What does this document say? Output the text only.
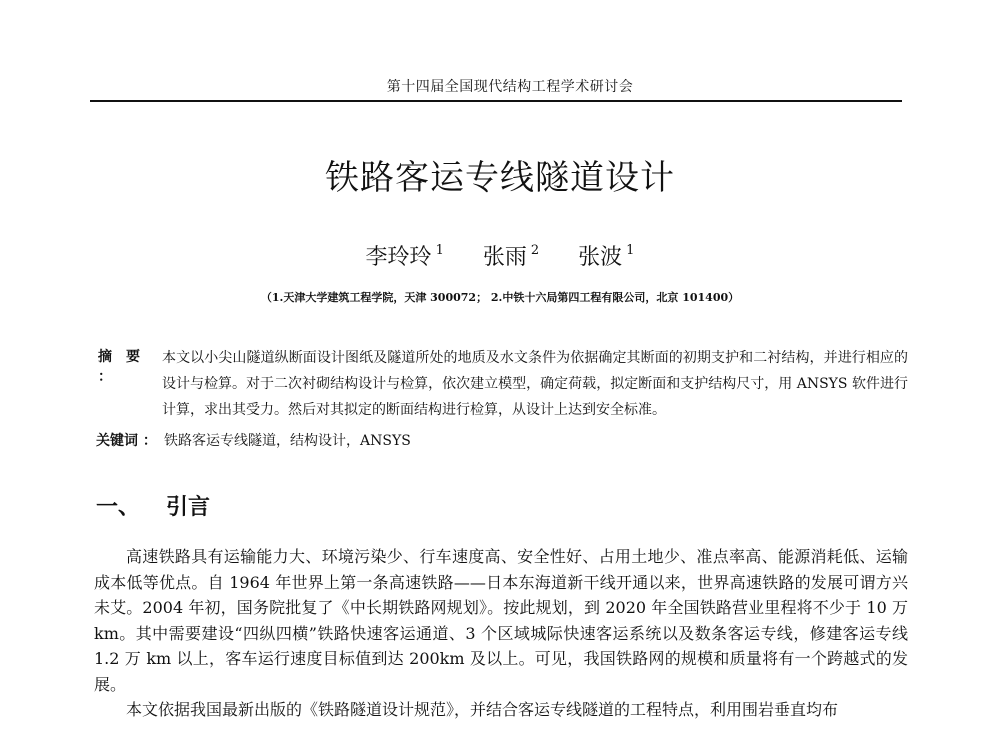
第十四届全国现代结构工程学术研讨会
铁路客运专线隧道设计
李玲玲 $^1$ 张雨 $^2$ 张波 $^1$
（1.天津大学建筑工程学院，天津 300072； 2.中铁十六局第四工程有限公司，北京 101400）
摘　要 ：
本文以小尖山隧道纵断面设计图纸及隧道所处的地质及水文条件为依据确定其断面的初期支护和二衬结构，并进行相应的设计与检算。对于二次衬砌结构设计与检算，依次建立模型，确定荷载，拟定断面和支护结构尺寸，用 ANSYS 软件进行计算，求出其受力。然后对其拟定的断面结构进行检算，从设计上达到安全标准。
关键词 ： 铁路客运专线隧道，结构设计，ANSYS
一、 引言

高速铁路具有运输能力大、环境污染少、行车速度高、安全性好、占用土地少、准点率高、能源消耗低、运输成本低等优点。自 1964 年世界上第一条高速铁路——日本东海道新干线开通以来，世界高速铁路的发展可谓方兴未艾。2004 年初，国务院批复了《中长期铁路网规划》。按此规划，到 2020 年全国铁路营业里程将不少于 10 万 km。其中需要建设“四纵四横”铁路快速客运通道、3 个区域城际快速客运系统以及数条客运专线，修建客运专线 1.2 万 km 以上，客车运行速度目标值到达 200km 及以上。可见，我国铁路网的规模和质量将有一个跨越式的发展。

本文依据我国最新出版的《铁路隧道设计规范》，并结合客运专线隧道的工程特点，利用围岩垂直均布
